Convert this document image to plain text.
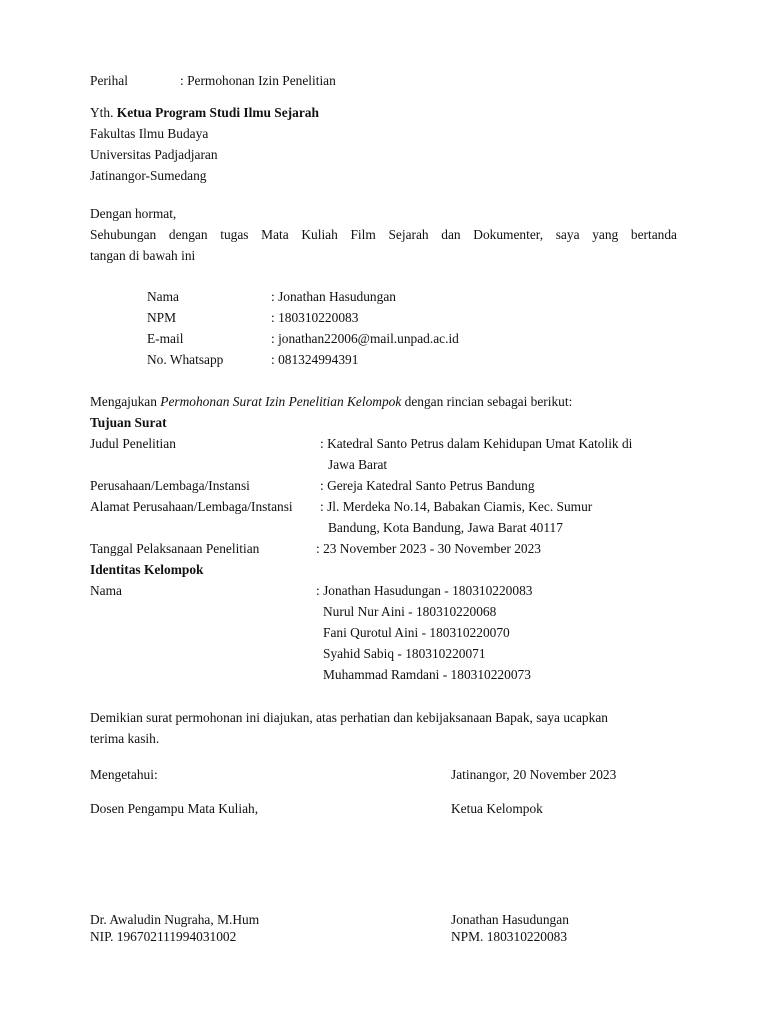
Perihal	: Permohonan Izin Penelitian
Yth. Ketua Program Studi Ilmu Sejarah
Fakultas Ilmu Budaya
Universitas Padjadjaran
Jatinangor-Sumedang
Dengan hormat,
Sehubungan dengan tugas Mata Kuliah Film Sejarah dan Dokumenter, saya yang bertanda
tangan di bawah ini
Nama	: Jonathan Hasudungan
NPM	: 180310220083
E-mail	: jonathan22006@mail.unpad.ac.id
No. Whatsapp	: 081324994391
Mengajukan Permohonan Surat Izin Penelitian Kelompok dengan rincian sebagai berikut:
Tujuan Surat
Judul Penelitian	: Katedral Santo Petrus dalam Kehidupan Umat Katolik di
Jawa Barat
Perusahaan/Lembaga/Instansi	: Gereja Katedral Santo Petrus Bandung
Alamat Perusahaan/Lembaga/Instansi : Jl. Merdeka No.14, Babakan Ciamis, Kec. Sumur
Bandung, Kota Bandung, Jawa Barat 40117
Tanggal Pelaksanaan Penelitian	: 23 November 2023 - 30 November 2023
Identitas Kelompok
Nama	: Jonathan Hasudungan - 180310220083
Nurul Nur Aini - 180310220068
Fani Qurotul Aini - 180310220070
Syahid Sabiq - 180310220071
Muhammad Ramdani - 180310220073
Demikian surat permohonan ini diajukan, atas perhatian dan kebijaksanaan Bapak, saya ucapkan
terima kasih.
Mengetahui:	Jatinangor, 20 November 2023
Dosen Pengampu Mata Kuliah,	Ketua Kelompok
Dr. Awaludin Nugraha, M.Hum	Jonathan Hasudungan
NIP. 196702111994031002	NPM. 180310220083
